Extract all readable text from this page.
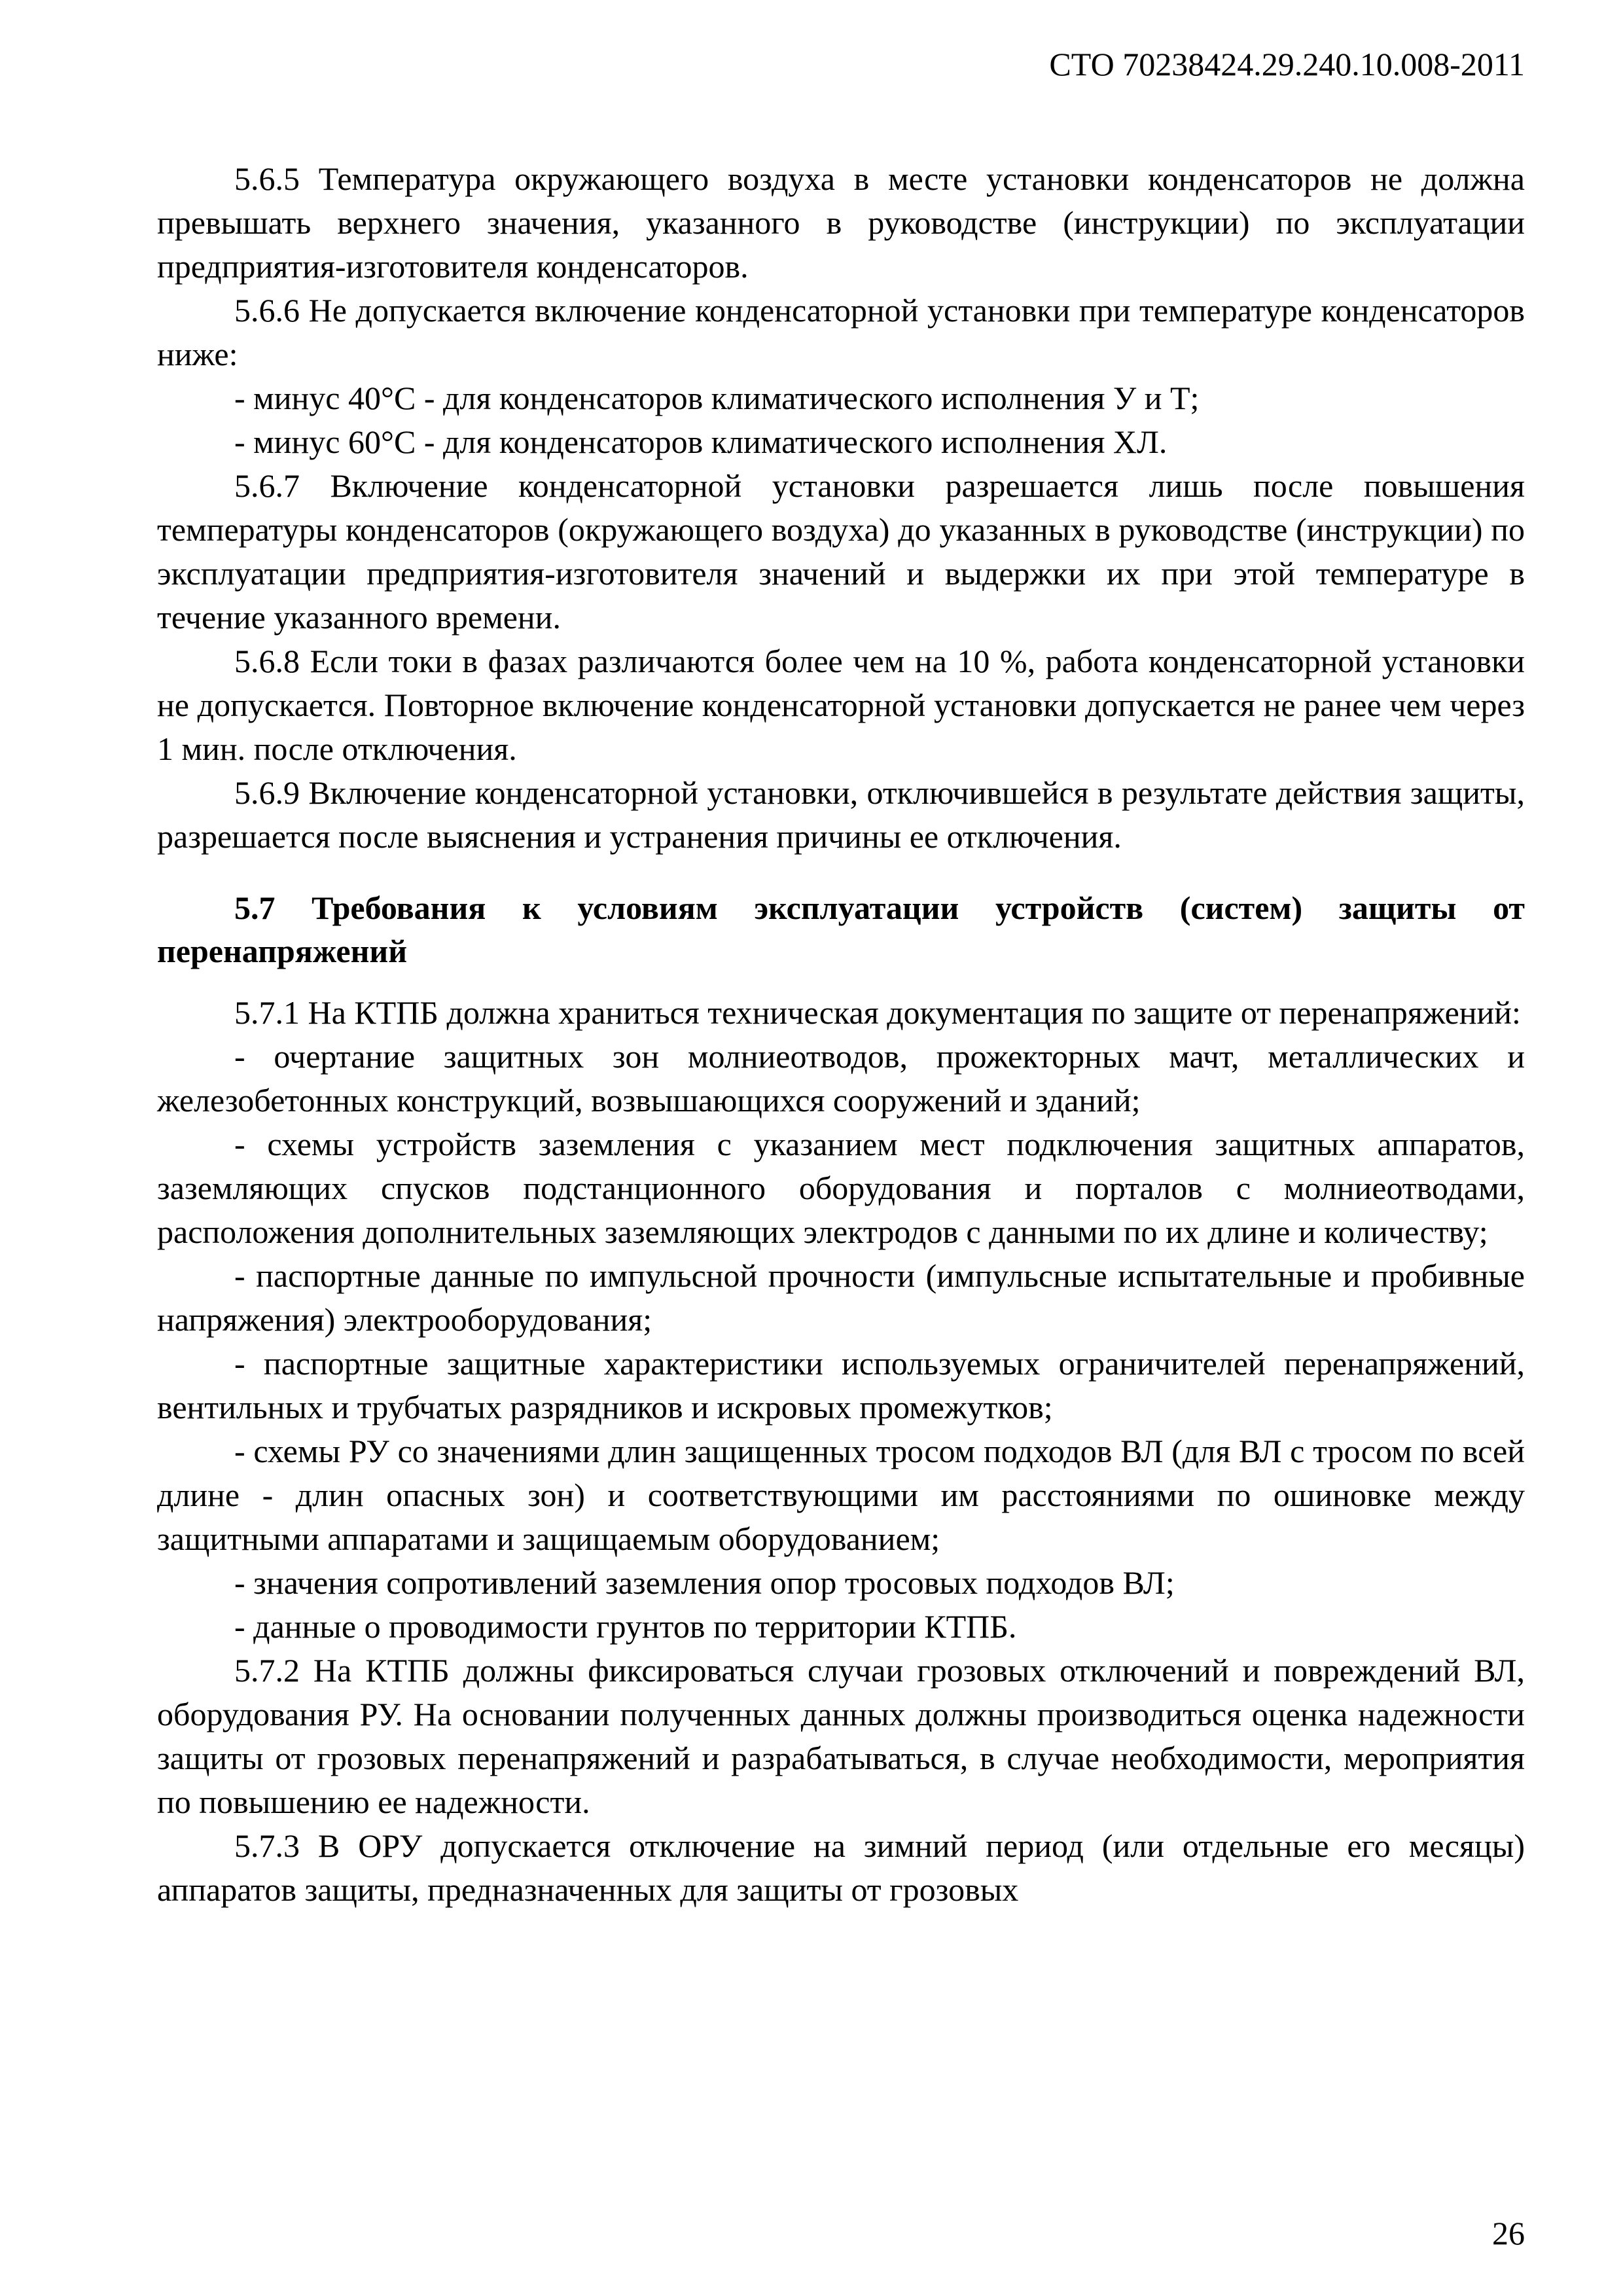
СТО 70238424.29.240.10.008-2011

5.6.5 Температура окружающего воздуха в месте установки конденсаторов не должна превышать верхнего значения, указанного в руководстве (инструкции) по эксплуатации предприятия-изготовителя конденсаторов.

5.6.6 Не допускается включение конденсаторной установки при температуре конденсаторов ниже:

- минус 40°С - для конденсаторов климатического исполнения У и Т;

- минус 60°С - для конденсаторов климатического исполнения ХЛ.

5.6.7 Включение конденсаторной установки разрешается лишь после повышения температуры конденсаторов (окружающего воздуха) до указанных в руководстве (инструкции) по эксплуатации предприятия-изготовителя значений и выдержки их при этой температуре в течение указанного времени.

5.6.8 Если токи в фазах различаются более чем на 10 %, работа конденсаторной установки не допускается. Повторное включение конденсаторной установки допускается не ранее чем через 1 мин. после отключения.

5.6.9 Включение конденсаторной установки, отключившейся в результате действия защиты, разрешается после выяснения и устранения причины ее отключения.

5.7 Требования к условиям эксплуатации устройств (систем) защиты от перенапряжений

5.7.1 На КТПБ должна храниться техническая документация по защите от перенапряжений:

- очертание защитных зон молниеотводов, прожекторных мачт, металлических и железобетонных конструкций, возвышающихся сооружений и зданий;

- схемы устройств заземления с указанием мест подключения защитных аппаратов, заземляющих спусков подстанционного оборудования и порталов с молниеотводами, расположения дополнительных заземляющих электродов с данными по их длине и количеству;

- паспортные данные по импульсной прочности (импульсные испытательные и пробивные напряжения) электрооборудования;

- паспортные защитные характеристики используемых ограничителей перенапряжений, вентильных и трубчатых разрядников и искровых промежутков;

- схемы РУ со значениями длин защищенных тросом подходов ВЛ (для ВЛ с тросом по всей длине - длин опасных зон) и соответствующими им расстояниями по ошиновке между защитными аппаратами и защищаемым оборудованием;

- значения сопротивлений заземления опор тросовых подходов ВЛ;

- данные о проводимости грунтов по территории КТПБ.

5.7.2 На КТПБ должны фиксироваться случаи грозовых отключений и повреждений ВЛ, оборудования РУ. На основании полученных данных должны производиться оценка надежности защиты от грозовых перенапряжений и разрабатываться, в случае необходимости, мероприятия по повышению ее надежности.

5.7.3 В ОРУ допускается отключение на зимний период (или отдельные его месяцы) аппаратов защиты, предназначенных для защиты от грозовых

26
